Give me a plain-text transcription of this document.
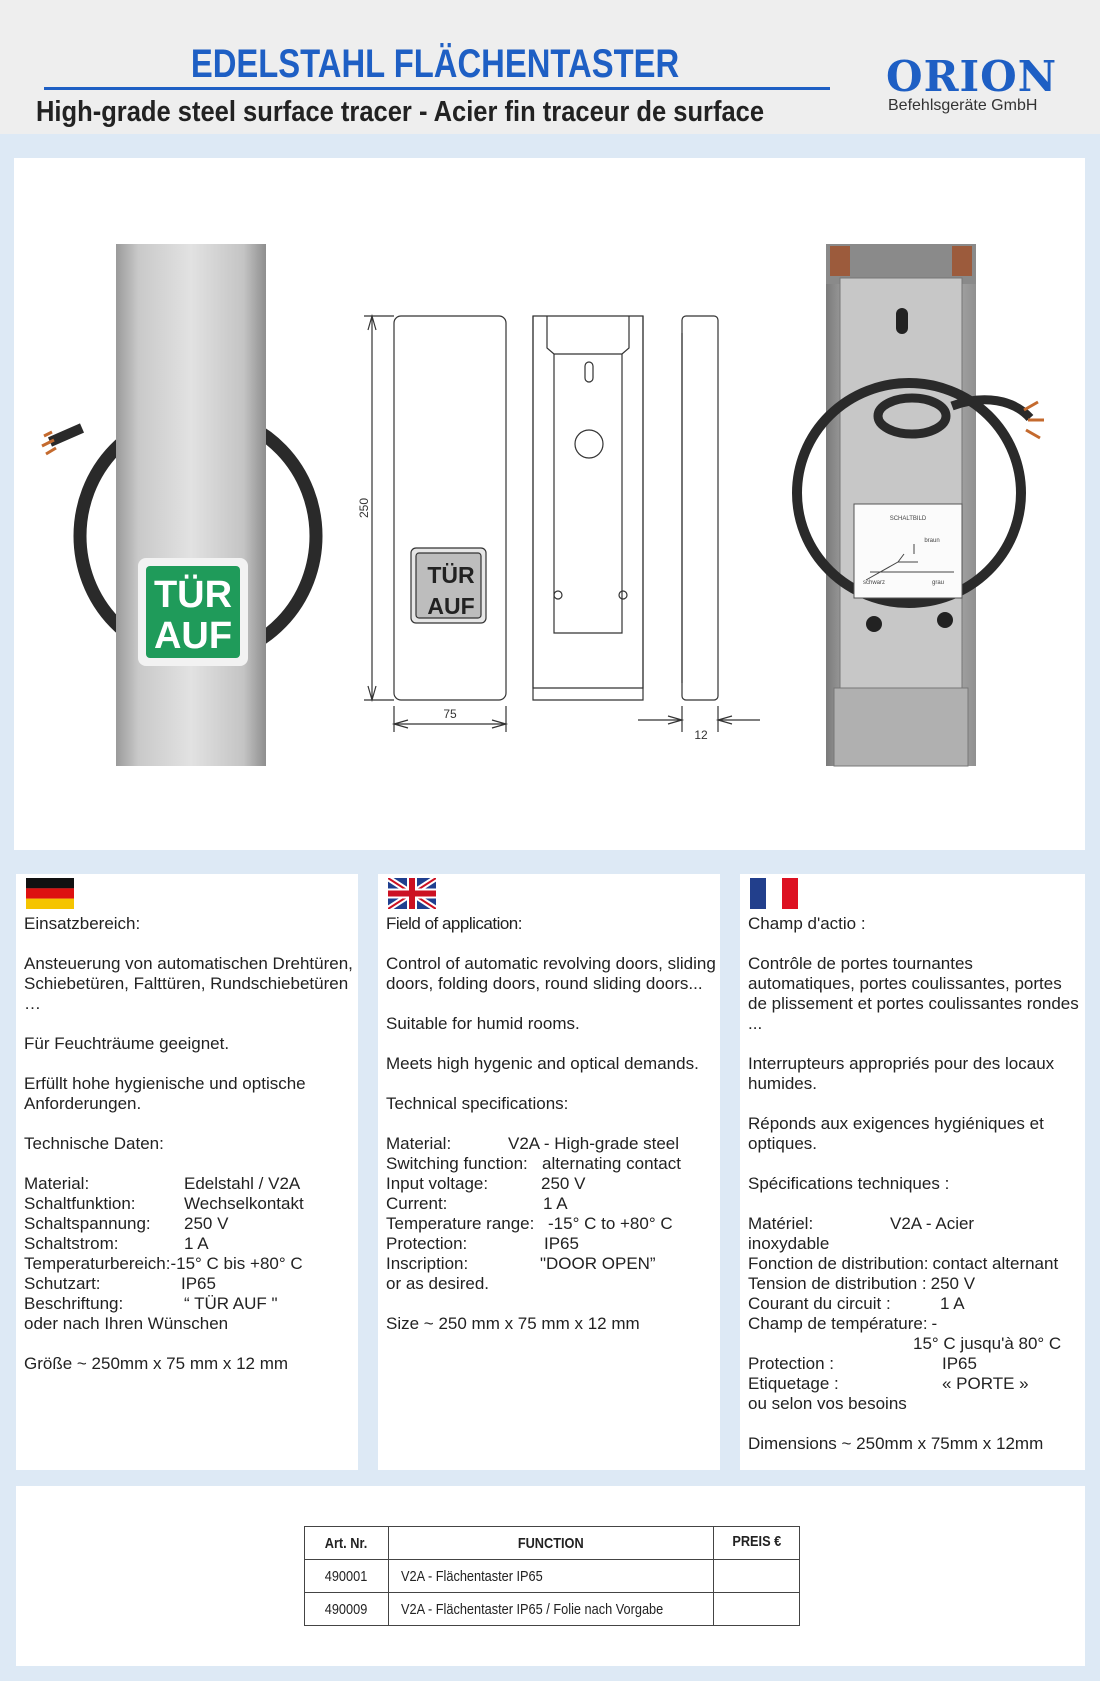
EDELSTAHL FLÄCHENTASTER
High-grade steel surface tracer - Acier fin traceur de surface
ORION
Befehlsgeräte GmbH
TÜR
AUF
TÜR
AUF
250
75
12
SCHALTBILD
braun
schwarz	grau

Einsatzbereich:

Ansteuerung von automatischen Drehtüren, Schiebetüren, Falttüren, Rundschiebetüren …

Für Feuchträume geeignet.

Erfüllt hohe hygienische und optische Anforderungen.

Technische Daten:

Material:	Edelstahl / V2A
Schaltfunktion:	Wechselkontakt
Schaltspannung:	250 V
Schaltstrom:	1 A
Temperaturbereich: -15° C bis +80° C
Schutzart:	IP65
Beschriftung:	“ TÜR AUF "

oder nach Ihren Wünschen

Größe ~ 250mm x 75 mm x 12 mm

Field of application:

Control of automatic revolving doors, sliding doors, folding doors, round sliding doors...

Suitable for humid rooms.

Meets high hygenic and optical demands.

Technical specifications:

Material:	V2A - High-grade steel
Switching function: alternating contact
Input voltage:	250 V
Current:	1 A
Temperature range: -15° C to +80° C
Protection:	IP65
Inscription:	"DOOR OPEN”

or as desired.

Size ~ 250 mm x 75 mm x 12 mm

Champ d'actio :

Contrôle de portes tournantes automatiques, portes coulissantes, portes de plissement et portes coulissantes rondes ...

Interrupteurs appropriés pour des locaux humides.

Réponds aux exigences hygiéniques et optiques.

Spécifications techniques :

Matériel:	V2A - Acier
inoxydable
Fonction de distribution: contact alternant
Tension de distribution : 250 V
Courant du circuit :	1 A
Champ de température: -
15° C jusqu'à 80° C
Protection :	IP65
Etiquetage :	« PORTE »

ou selon vos besoins

Dimensions ~ 250mm x 75mm x 12mm

Art. Nr.	FUNCTION	PREIS €
490001	V2A - Flächentaster IP65	
490009	V2A - Flächentaster IP65 / Folie nach Vorgabe	
